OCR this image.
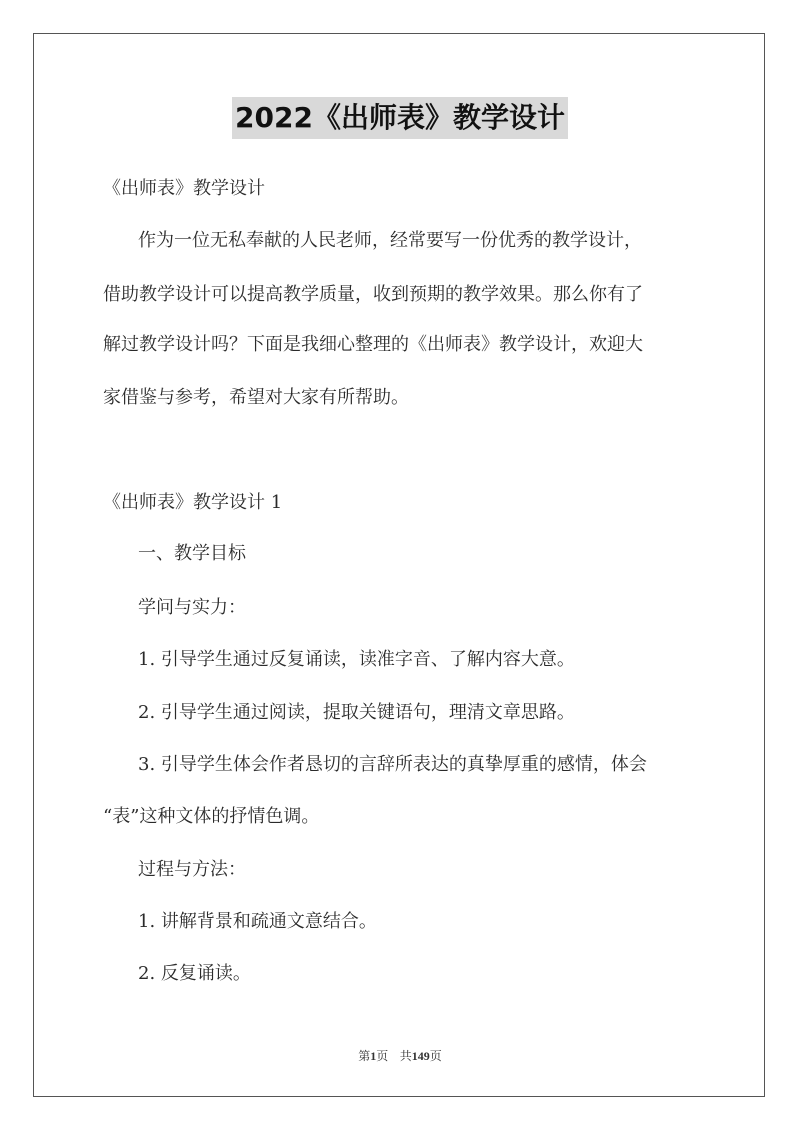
2022《出师表》教学设计
《出师表》教学设计
作为一位无私奉献的人民老师，经常要写一份优秀的教学设计，
借助教学设计可以提高教学质量，收到预期的教学效果。那么你有了
解过教学设计吗？下面是我细心整理的《出师表》教学设计，欢迎大
家借鉴与参考，希望对大家有所帮助。
《出师表》教学设计 1
一、教学目标
学问与实力：
1. 引导学生通过反复诵读，读准字音、了解内容大意。
2. 引导学生通过阅读，提取关键语句，理清文章思路。
3. 引导学生体会作者恳切的言辞所表达的真挚厚重的感情，体会
“表”这种文体的抒情色调。
过程与方法：
1. 讲解背景和疏通文意结合。
2. 反复诵读。
第1页 共149页
